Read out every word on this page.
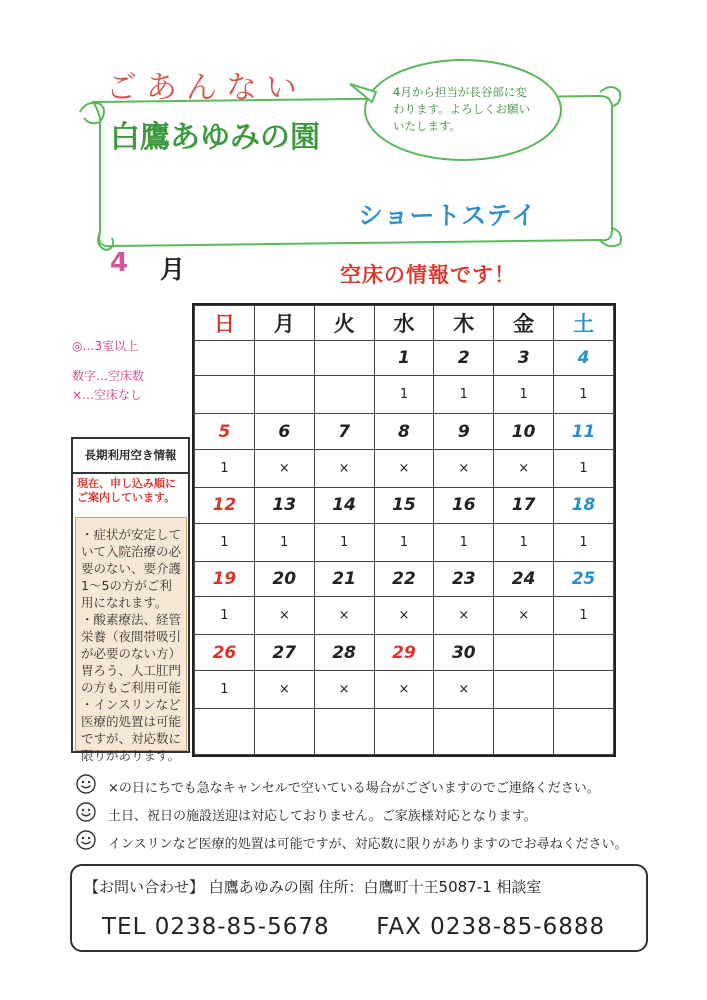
ごあんない
白鷹あゆみの園
4月から担当が長谷部に変わります。よろしくお願いいたします。
ショートステイ
4 月	空床の情報です！
◎…3室以上
数字…空床数
×…空床なし
長期利用空き情報
現在、申し込み順にご案内しています。
・症状が安定していて入院治療の必要のない、要介護1～5の方がご利用になれます。
・酸素療法、経管栄養（夜間帯吸引が必要のない方）胃ろう、人工肛門の方もご利用可能
・インスリンなど医療的処置は可能ですが、対応数に限りがあります。
日	月	火	水	木	金	土
			1	2	3	4
			1	1	1	1
5	6	7	8	9	10	11
1	×	×	×	×	×	1
12	13	14	15	16	17	18
1	1	1	1	1	1	1
19	20	21	22	23	24	25
1	×	×	×	×	×	1
26	27	28	29	30		
1	×	×	×	×		

×の日にちでも急なキャンセルで空いている場合がございますのでご連絡ください。
土日、祝日の施設送迎は対応しておりません。ご家族様対応となります。
インスリンなど医療的処置は可能ですが、対応数に限りがありますのでお尋ねください。
【お問い合わせ】 白鷹あゆみの園 住所：白鷹町十王5087-1 相談室
TEL 0238-85-5678 FAX 0238-85-6888
